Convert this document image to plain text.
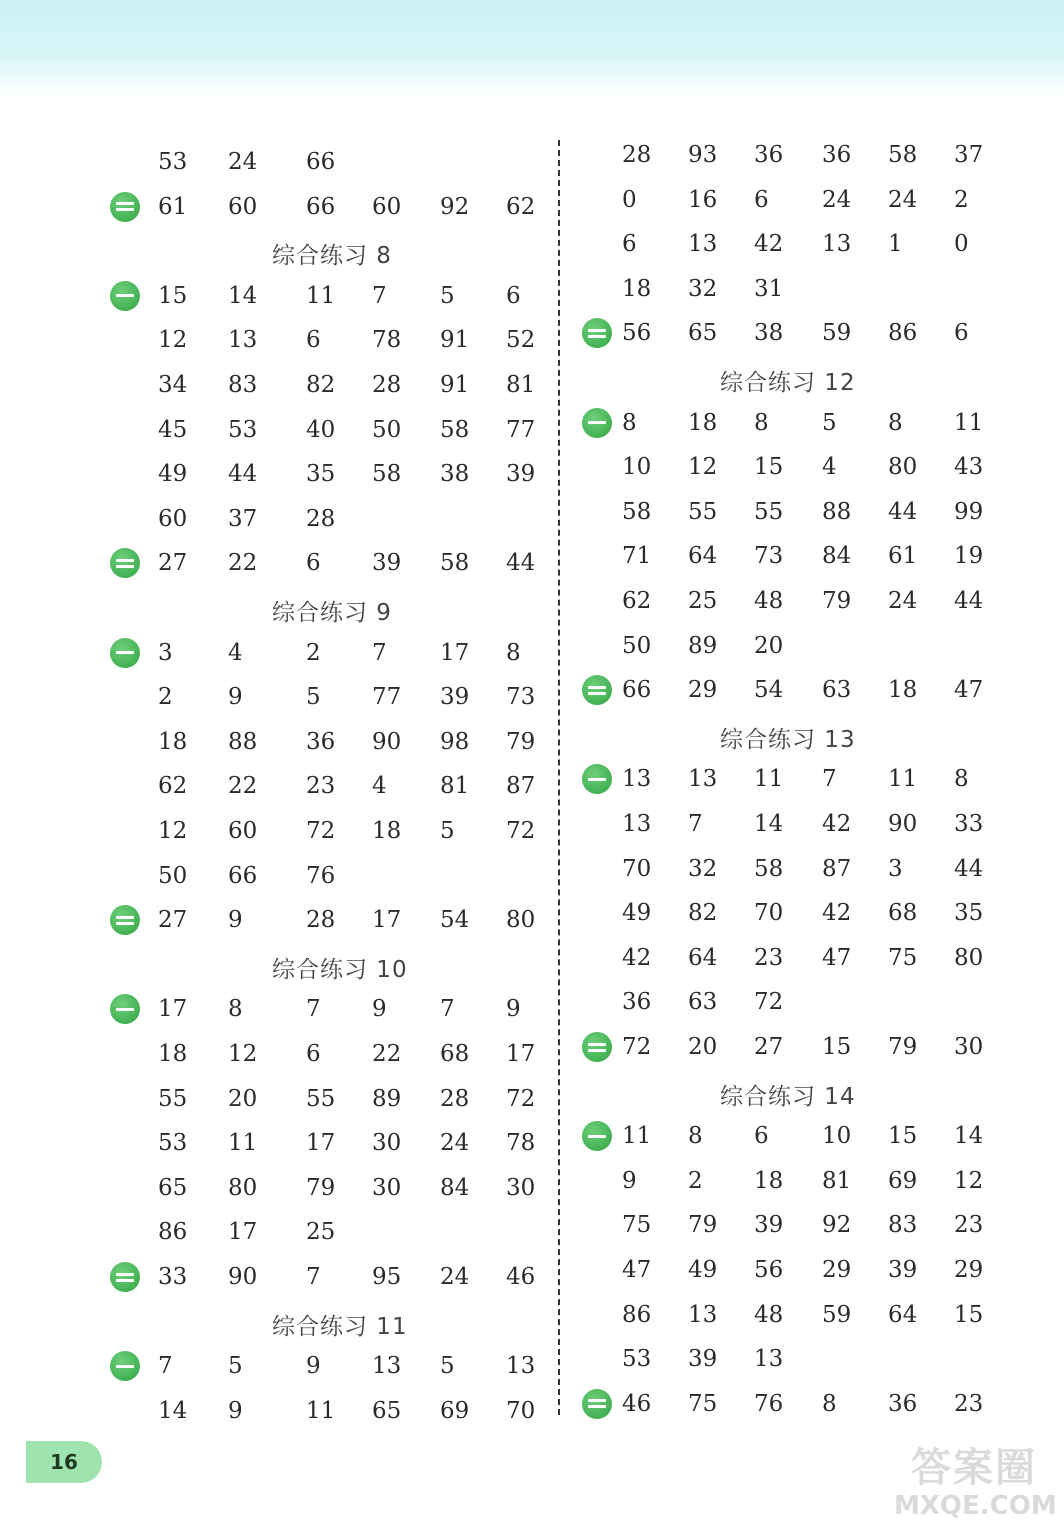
53	24	66
61	60	66	60	92	62
综合练习 8
15	14	11	7	5	6
12	13	6	78	91	52
34	83	82	28	91	81
45	53	40	50	58	77
49	44	35	58	38	39
60	37	28
27	22	6	39	58	44
综合练习 9
3	4	2	7	17	8
2	9	5	77	39	73
18	88	36	90	98	79
62	22	23	4	81	87
12	60	72	18	5	72
50	66	76
27	9	28	17	54	80
综合练习 10
17	8	7	9	7	9
18	12	6	22	68	17
55	20	55	89	28	72
53	11	17	30	24	78
65	80	79	30	84	30
86	17	25
33	90	7	95	24	46
综合练习 11
7	5	9	13	5	13
14	9	11	65	69	70
28	93	36	36	58	37
0	16	6	24	24	2
6	13	42	13	1	0
18	32	31
56	65	38	59	86	6
综合练习 12
8	18	8	5	8	11
10	12	15	4	80	43
58	55	55	88	44	99
71	64	73	84	61	19
62	25	48	79	24	44
50	89	20
66	29	54	63	18	47
综合练习 13
13	13	11	7	11	8
13	7	14	42	90	33
70	32	58	87	3	44
49	82	70	42	68	35
42	64	23	47	75	80
36	63	72
72	20	27	15	79	30
综合练习 14
11	8	6	10	15	14
9	2	18	81	69	12
75	79	39	92	83	23
47	49	56	29	39	29
86	13	48	59	64	15
53	39	13
46	75	76	8	36	23
16	答案圈
MXQE.COM
